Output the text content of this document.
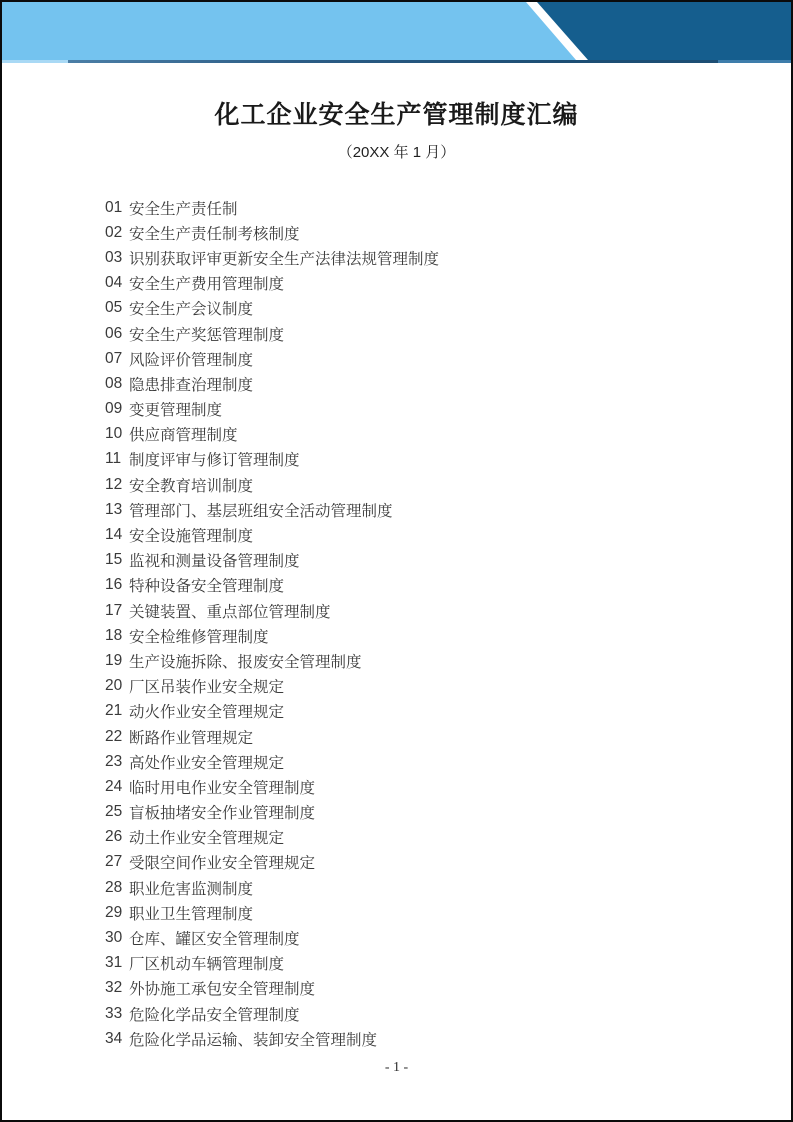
化工企业安全生产管理制度汇编
（20XX 年 1 月）
01 安全生产责任制
02 安全生产责任制考核制度
03 识别获取评审更新安全生产法律法规管理制度
04 安全生产费用管理制度
05 安全生产会议制度
06 安全生产奖惩管理制度
07 风险评价管理制度
08 隐患排查治理制度
09 变更管理制度
10 供应商管理制度
11 制度评审与修订管理制度
12 安全教育培训制度
13 管理部门、基层班组安全活动管理制度
14 安全设施管理制度
15 监视和测量设备管理制度
16 特种设备安全管理制度
17 关键装置、重点部位管理制度
18 安全检维修管理制度
19 生产设施拆除、报废安全管理制度
20 厂区吊装作业安全规定
21 动火作业安全管理规定
22 断路作业管理规定
23 高处作业安全管理规定
24 临时用电作业安全管理制度
25 盲板抽堵安全作业管理制度
26 动土作业安全管理规定
27 受限空间作业安全管理规定
28 职业危害监测制度
29 职业卫生管理制度
30 仓库、罐区安全管理制度
31 厂区机动车辆管理制度
32 外协施工承包安全管理制度
33 危险化学品安全管理制度
34 危险化学品运输、装卸安全管理制度
- 1 -
